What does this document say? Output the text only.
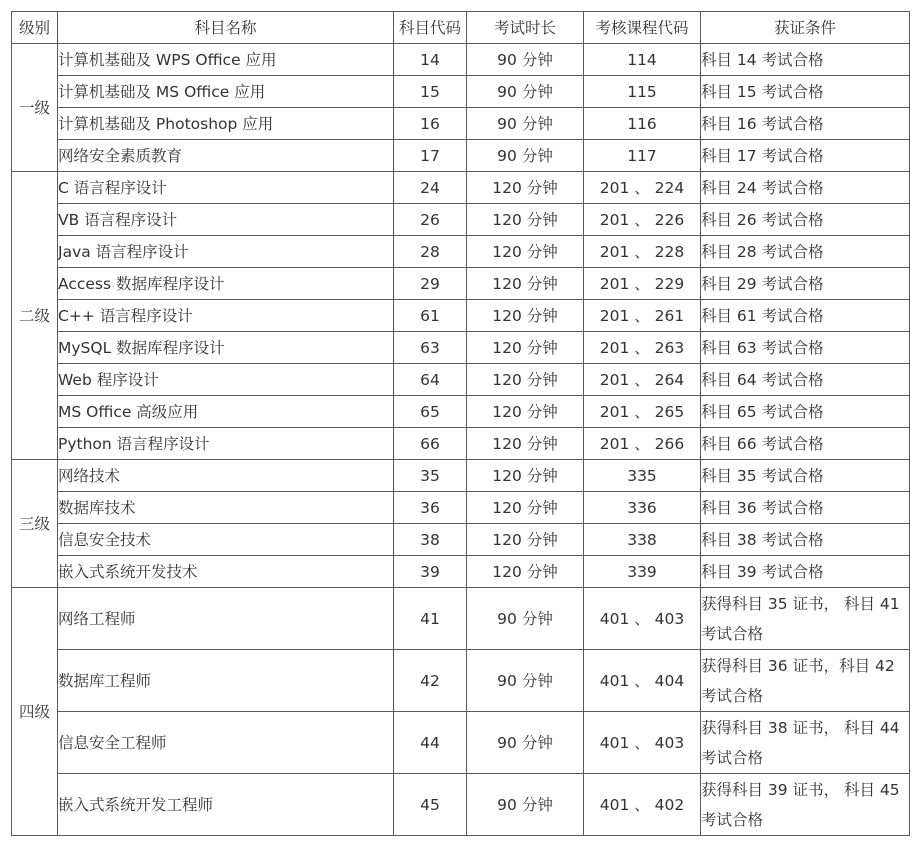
级别	科目名称	科目代码	考试时长	考核课程代码	获证条件
一级	计算机基础及 WPS Office 应用	14	90 分钟	114	科目 14 考试合格
	计算机基础及 MS Office 应用	15	90 分钟	115	科目 15 考试合格
	计算机基础及 Photoshop 应用	16	90 分钟	116	科目 16 考试合格
	网络安全素质教育	17	90 分钟	117	科目 17 考试合格
二级	C 语言程序设计	24	120 分钟	201 、 224	科目 24 考试合格
	VB 语言程序设计	26	120 分钟	201 、 226	科目 26 考试合格
	Java 语言程序设计	28	120 分钟	201 、 228	科目 28 考试合格
	Access 数据库程序设计	29	120 分钟	201 、 229	科目 29 考试合格
	C++ 语言程序设计	61	120 分钟	201 、 261	科目 61 考试合格
	MySQL 数据库程序设计	63	120 分钟	201 、 263	科目 63 考试合格
	Web 程序设计	64	120 分钟	201 、 264	科目 64 考试合格
	MS Office 高级应用	65	120 分钟	201 、 265	科目 65 考试合格
	Python 语言程序设计	66	120 分钟	201 、 266	科目 66 考试合格
三级	网络技术	35	120 分钟	335	科目 35 考试合格
	数据库技术	36	120 分钟	336	科目 36 考试合格
	信息安全技术	38	120 分钟	338	科目 38 考试合格
	嵌入式系统开发技术	39	120 分钟	339	科目 39 考试合格
四级	网络工程师	41	90 分钟	401 、 403	获得科目 35 证书， 科目 41 考试合格
	数据库工程师	42	90 分钟	401 、 404	获得科目 36 证书，科目 42 考试合格
	信息安全工程师	44	90 分钟	401 、 403	获得科目 38 证书， 科目 44 考试合格
	嵌入式系统开发工程师	45	90 分钟	401 、 402	获得科目 39 证书， 科目 45 考试合格
